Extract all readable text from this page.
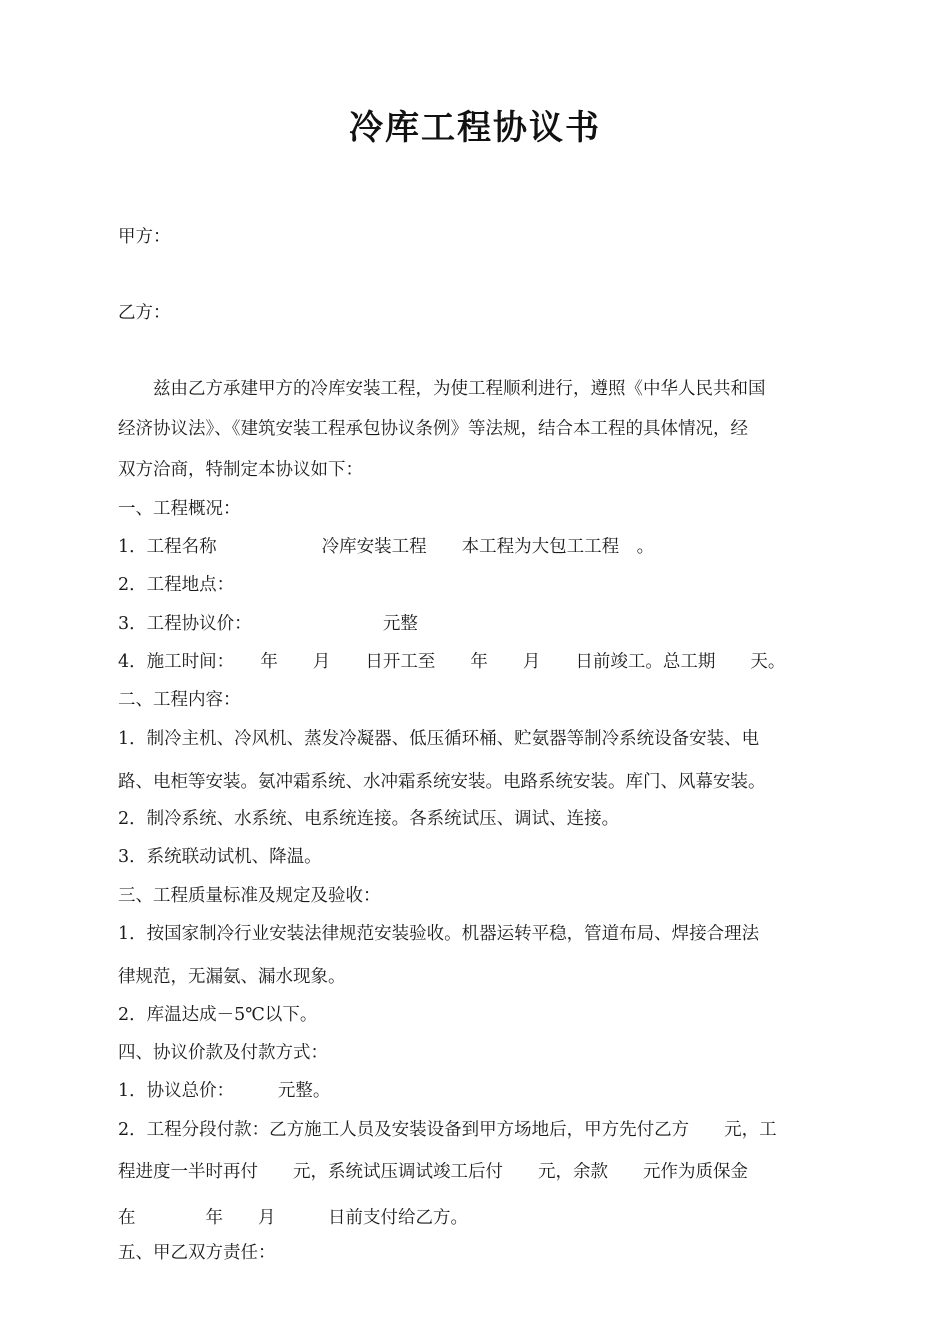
冷库工程协议书
甲方：
乙方：
　　兹由乙方承建甲方的冷库安装工程，为使工程顺利进行，遵照《中华人民共和国
经济协议法》、《建筑安装工程承包协议条例》等法规，结合本工程的具体情况，经
双方洽商，特制定本协议如下：
一、工程概况：
1．工程名称　　　　　　冷库安装工程　　本工程为大包工工程　。
2．工程地点：
3．工程协议价：　　　　　　　　元整
4．施工时间：　　年　　月　　日开工至　　年　　月　　日前竣工。总工期　　天。
二、工程内容：
1．制冷主机、冷风机、蒸发冷凝器、低压循环桶、贮氨器等制冷系统设备安装、电
路、电柜等安装。氨冲霜系统、水冲霜系统安装。电路系统安装。库门、风幕安装。
2．制冷系统、水系统、电系统连接。各系统试压、调试、连接。
3．系统联动试机、降温。
三、工程质量标准及规定及验收：
1．按国家制冷行业安装法律规范安装验收。机器运转平稳，管道布局、焊接合理法
律规范，无漏氨、漏水现象。
2．库温达成－5℃以下。
四、协议价款及付款方式：
1．协议总价：　　　元整。
2．工程分段付款：乙方施工人员及安装设备到甲方场地后，甲方先付乙方　　元，工
程进度一半时再付　　元，系统试压调试竣工后付　　元，余款　　元作为质保金
在　　　　年　　月　　　日前支付给乙方。
五、甲乙双方责任：
